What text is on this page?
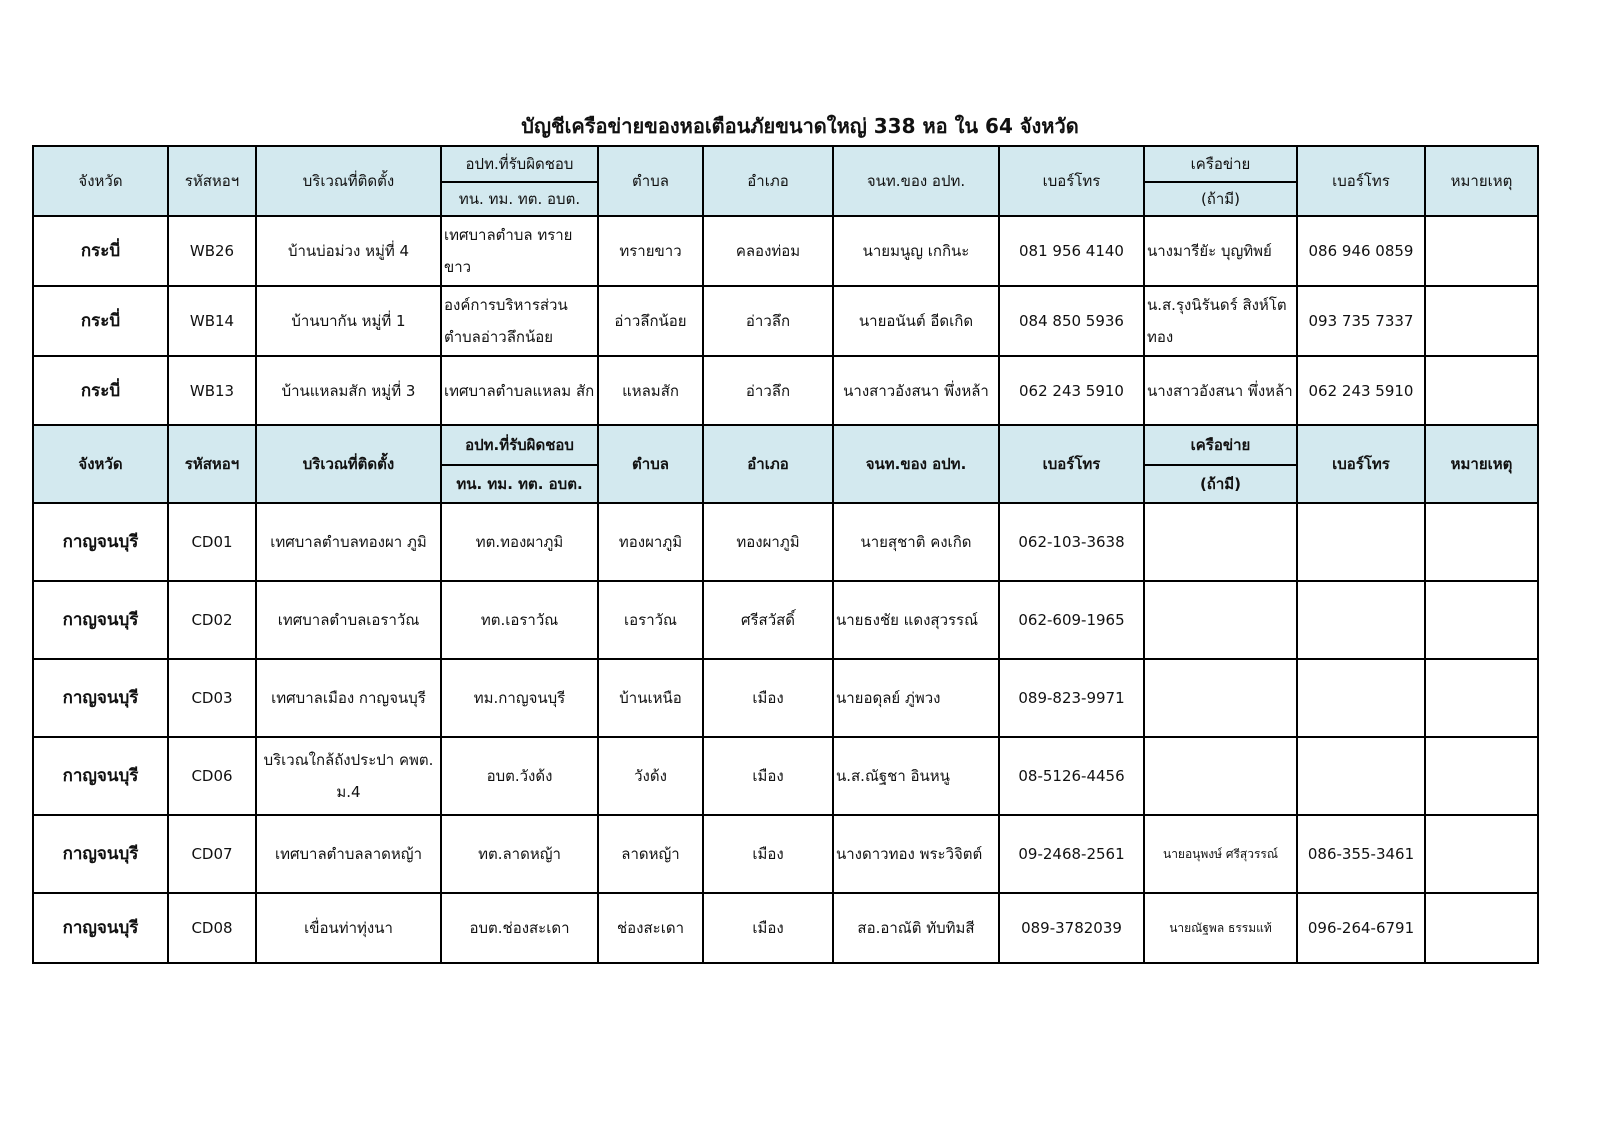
บัญชีเครือข่ายของหอเตือนภัยขนาดใหญ่ 338 หอ ใน 64 จังหวัด
จังหวัด	รหัสหอฯ	บริเวณที่ติดตั้ง	อปท.ที่รับผิดชอบ	ตำบล	อำเภอ	จนท.ของ อปท.	เบอร์โทร	เครือข่าย	เบอร์โทร	หมายเหตุ
			ทน. ทม. ทต. อบต.					(ถ้ามี)		
กระบี่	WB26	บ้านบ่อม่วง หมู่ที่ 4	เทศบาลตำบล ทรายขาว	ทรายขาว	คลองท่อม	นายมนูญ เกกินะ	081 956 4140	นางมารียัะ บุญทิพย์	086 946 0859	
กระบี่	WB14	บ้านบากัน หมู่ที่ 1	องค์การบริหารส่วน ตำบลอ่าวลึกน้อย	อ่าวลึกน้อย	อ่าวลึก	นายอนันต์ อีดเกิด	084 850 5936	น.ส.รุงนิรันดร์ สิงห์โตทอง	093 735 7337	
กระบี่	WB13	บ้านแหลมสัก หมู่ที่ 3	เทศบาลตำบลแหลม สัก	แหลมสัก	อ่าวลึก	นางสาวอังสนา พึ่งหล้า	062 243 5910	นางสาวอังสนา พึ่งหล้า	062 243 5910	
จังหวัด	รหัสหอฯ	บริเวณที่ติดตั้ง	อปท.ที่รับผิดชอบ	ตำบล	อำเภอ	จนท.ของ อปท.	เบอร์โทร	เครือข่าย	เบอร์โทร	หมายเหตุ
			ทน. ทม. ทต. อบต.					(ถ้ามี)		
กาญจนบุรี	CD01	เทศบาลตำบลทองผา ภูมิ	ทต.ทองผาภูมิ	ทองผาภูมิ	ทองผาภูมิ	นายสุชาติ คงเกิด	062-103-3638			
กาญจนบุรี	CD02	เทศบาลตำบลเอราวัณ	ทต.เอราวัณ	เอราวัณ	ศรีสวัสดิ์	นายธงชัย แดงสุวรรณ์	062-609-1965			
กาญจนบุรี	CD03	เทศบาลเมือง กาญจนบุรี	ทม.กาญจนบุรี	บ้านเหนือ	เมือง	นายอดุลย์ ภู่พวง	089-823-9971			
กาญจนบุรี	CD06	บริเวณใกล้ถังประปา คพต. ม.4	อบต.วังด้ง	วังด้ง	เมือง	น.ส.ณัฐชา อินหนู	08-5126-4456			
กาญจนบุรี	CD07	เทศบาลตำบลลาดหญ้า	ทต.ลาดหญ้า	ลาดหญ้า	เมือง	นางดาวทอง พระวิจิตต์	09-2468-2561	นายอนุพงษ์ ศรีสุวรรณ์	086-355-3461	
กาญจนบุรี	CD08	เขื่อนท่าทุ่งนา	อบต.ช่องสะเดา	ช่องสะเดา	เมือง	สอ.อาณัติ ทับทิมสี	089-3782039	นายณัฐพล ธรรมแท้	096-264-6791	
